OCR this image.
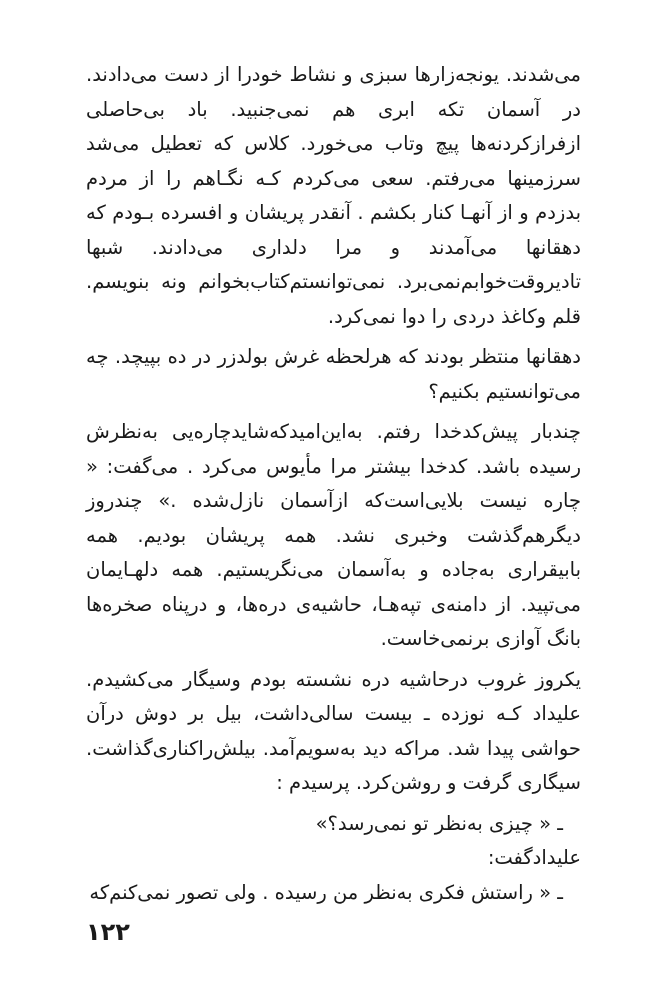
می‌شدند. یونجه‌زارها سبزی و نشاط خودرا از دست می‌دادند. در آسمان تکه ابری هم نمی‌جنبید. باد بی‌حاصلی ازفرازکردنه‌ها پیچ وتاب می‌خورد. کلاس که تعطیل می‌شد سرزمینها می‌رفتم. سعی می‌کردم کـه نگـاهم را از مردم بدزدم و از آنهـا کنار بکشم . آنقدر پریشان و افسرده بـودم که دهقانها می‌آمدند و مرا دلداری می‌دادند. شبها تادیروقت‌خوابم‌نمی‌برد. نمی‌توانستم‌کتاب‌بخوانم ونه بنویسم. قلم وکاغذ دردی را دوا نمی‌کرد.

دهقانها منتظر بودند که هرلحظه غرش بولدزر در ده بپیچد. چه می‌توانستیم بکنیم؟

چندبار پیش‌کدخدا رفتم. به‌این‌امیدکه‌شاید‌چاره‌یی به‌نظرش رسیده باشد. کدخدا بیشتر مرا مأیوس می‌کرد . می‌گفت: « چاره نیست بلایی‌است‌که ازآسمان نازل‌شده .» چندروز دیگرهم‌گذشت وخبری نشد. همه پریشان بودیم. همه بابیقراری به‌جاده و به‌آسمان می‌نگریستیم. همه دلهـایمان می‌تپید. از دامنه‌ی تپه‌هـا، حاشیه‌ی دره‌ها، و درپناه صخره‌ها بانگ آوازی برنمی‌خاست.

یکروز غروب درحاشیه دره نشسته بودم وسیگار می‌کشیدم. علیداد کـه نوزده ـ بیست سالی‌داشت، بیل بر دوش درآن حواشی پیدا شد. مراکه دید به‌سویم‌آمد. بیلش‌راکناری‌گذاشت. سیگاری گرفت و روشن‌کرد. پرسیدم :

ـ « چیزی به‌نظر تو نمی‌رسد؟»

علیدادگفت:

ـ « راستش فکری به‌نظر من رسیده . ولی تصور نمی‌کنم‌که

۱۲۲
